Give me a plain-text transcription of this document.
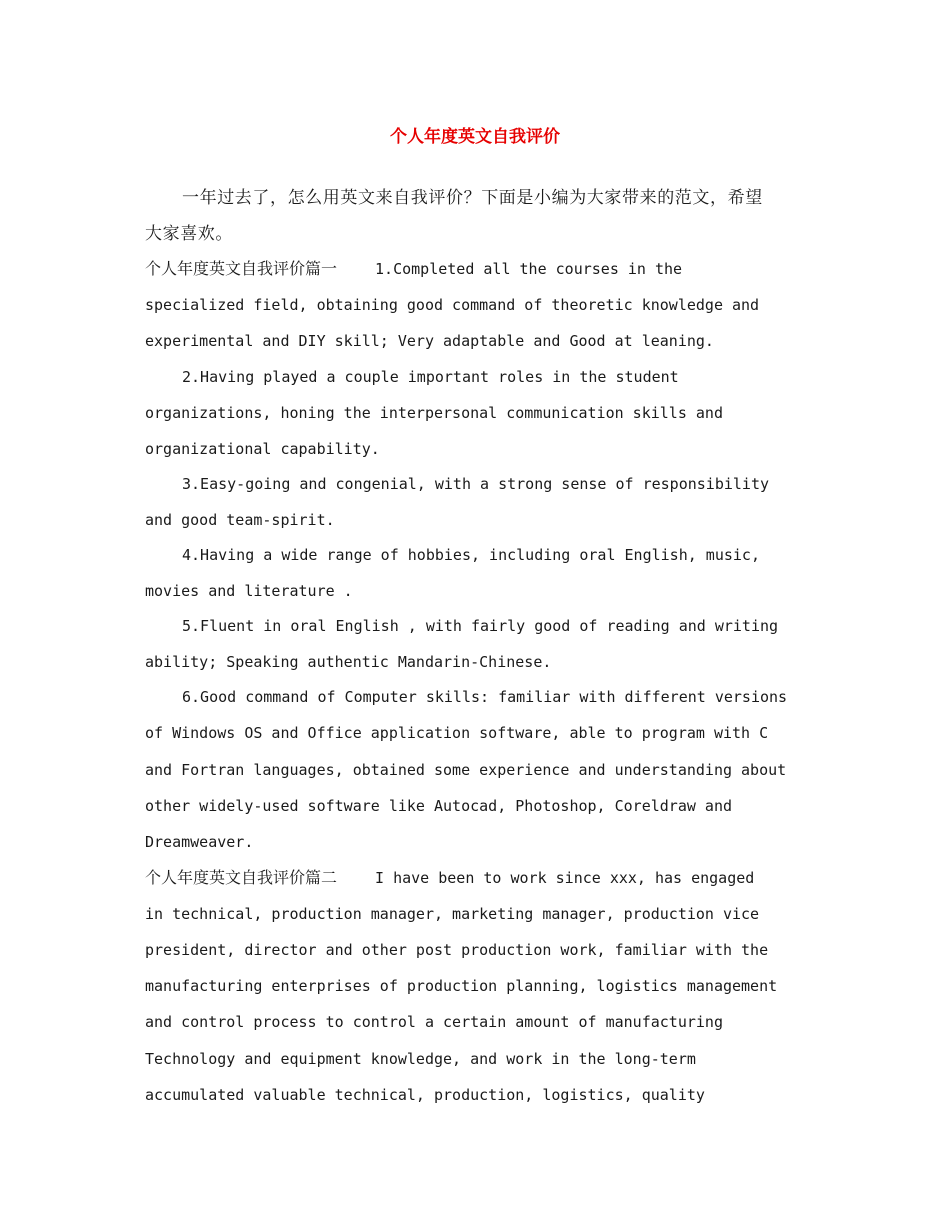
个人年度英文自我评价
一年过去了，怎么用英文来自我评价？下面是小编为大家带来的范文，希望
大家喜欢。
个人年度英文自我评价篇一	1.Completed all the courses in the
specialized field, obtaining good command of theoretic knowledge and
experimental and DIY skill; Very adaptable and Good at leaning.
2.Having played a couple important roles in the student
organizations, honing the interpersonal communication skills and
organizational capability.
3.Easy-going and congenial, with a strong sense of responsibility
and good team-spirit.
4.Having a wide range of hobbies, including oral English, music,
movies and literature .
5.Fluent in oral English , with fairly good of reading and writing
ability; Speaking authentic Mandarin-Chinese.
6.Good command of Computer skills: familiar with different versions
of Windows OS and Office application software, able to program with C
and Fortran languages, obtained some experience and understanding about
other widely-used software like Autocad, Photoshop, Coreldraw and
Dreamweaver.
个人年度英文自我评价篇二	I have been to work since xxx, has engaged
in technical, production manager, marketing manager, production vice
president, director and other post production work, familiar with the
manufacturing enterprises of production planning, logistics management
and control process to control a certain amount of manufacturing
Technology and equipment knowledge, and work in the long-term
accumulated valuable technical, production, logistics, quality
